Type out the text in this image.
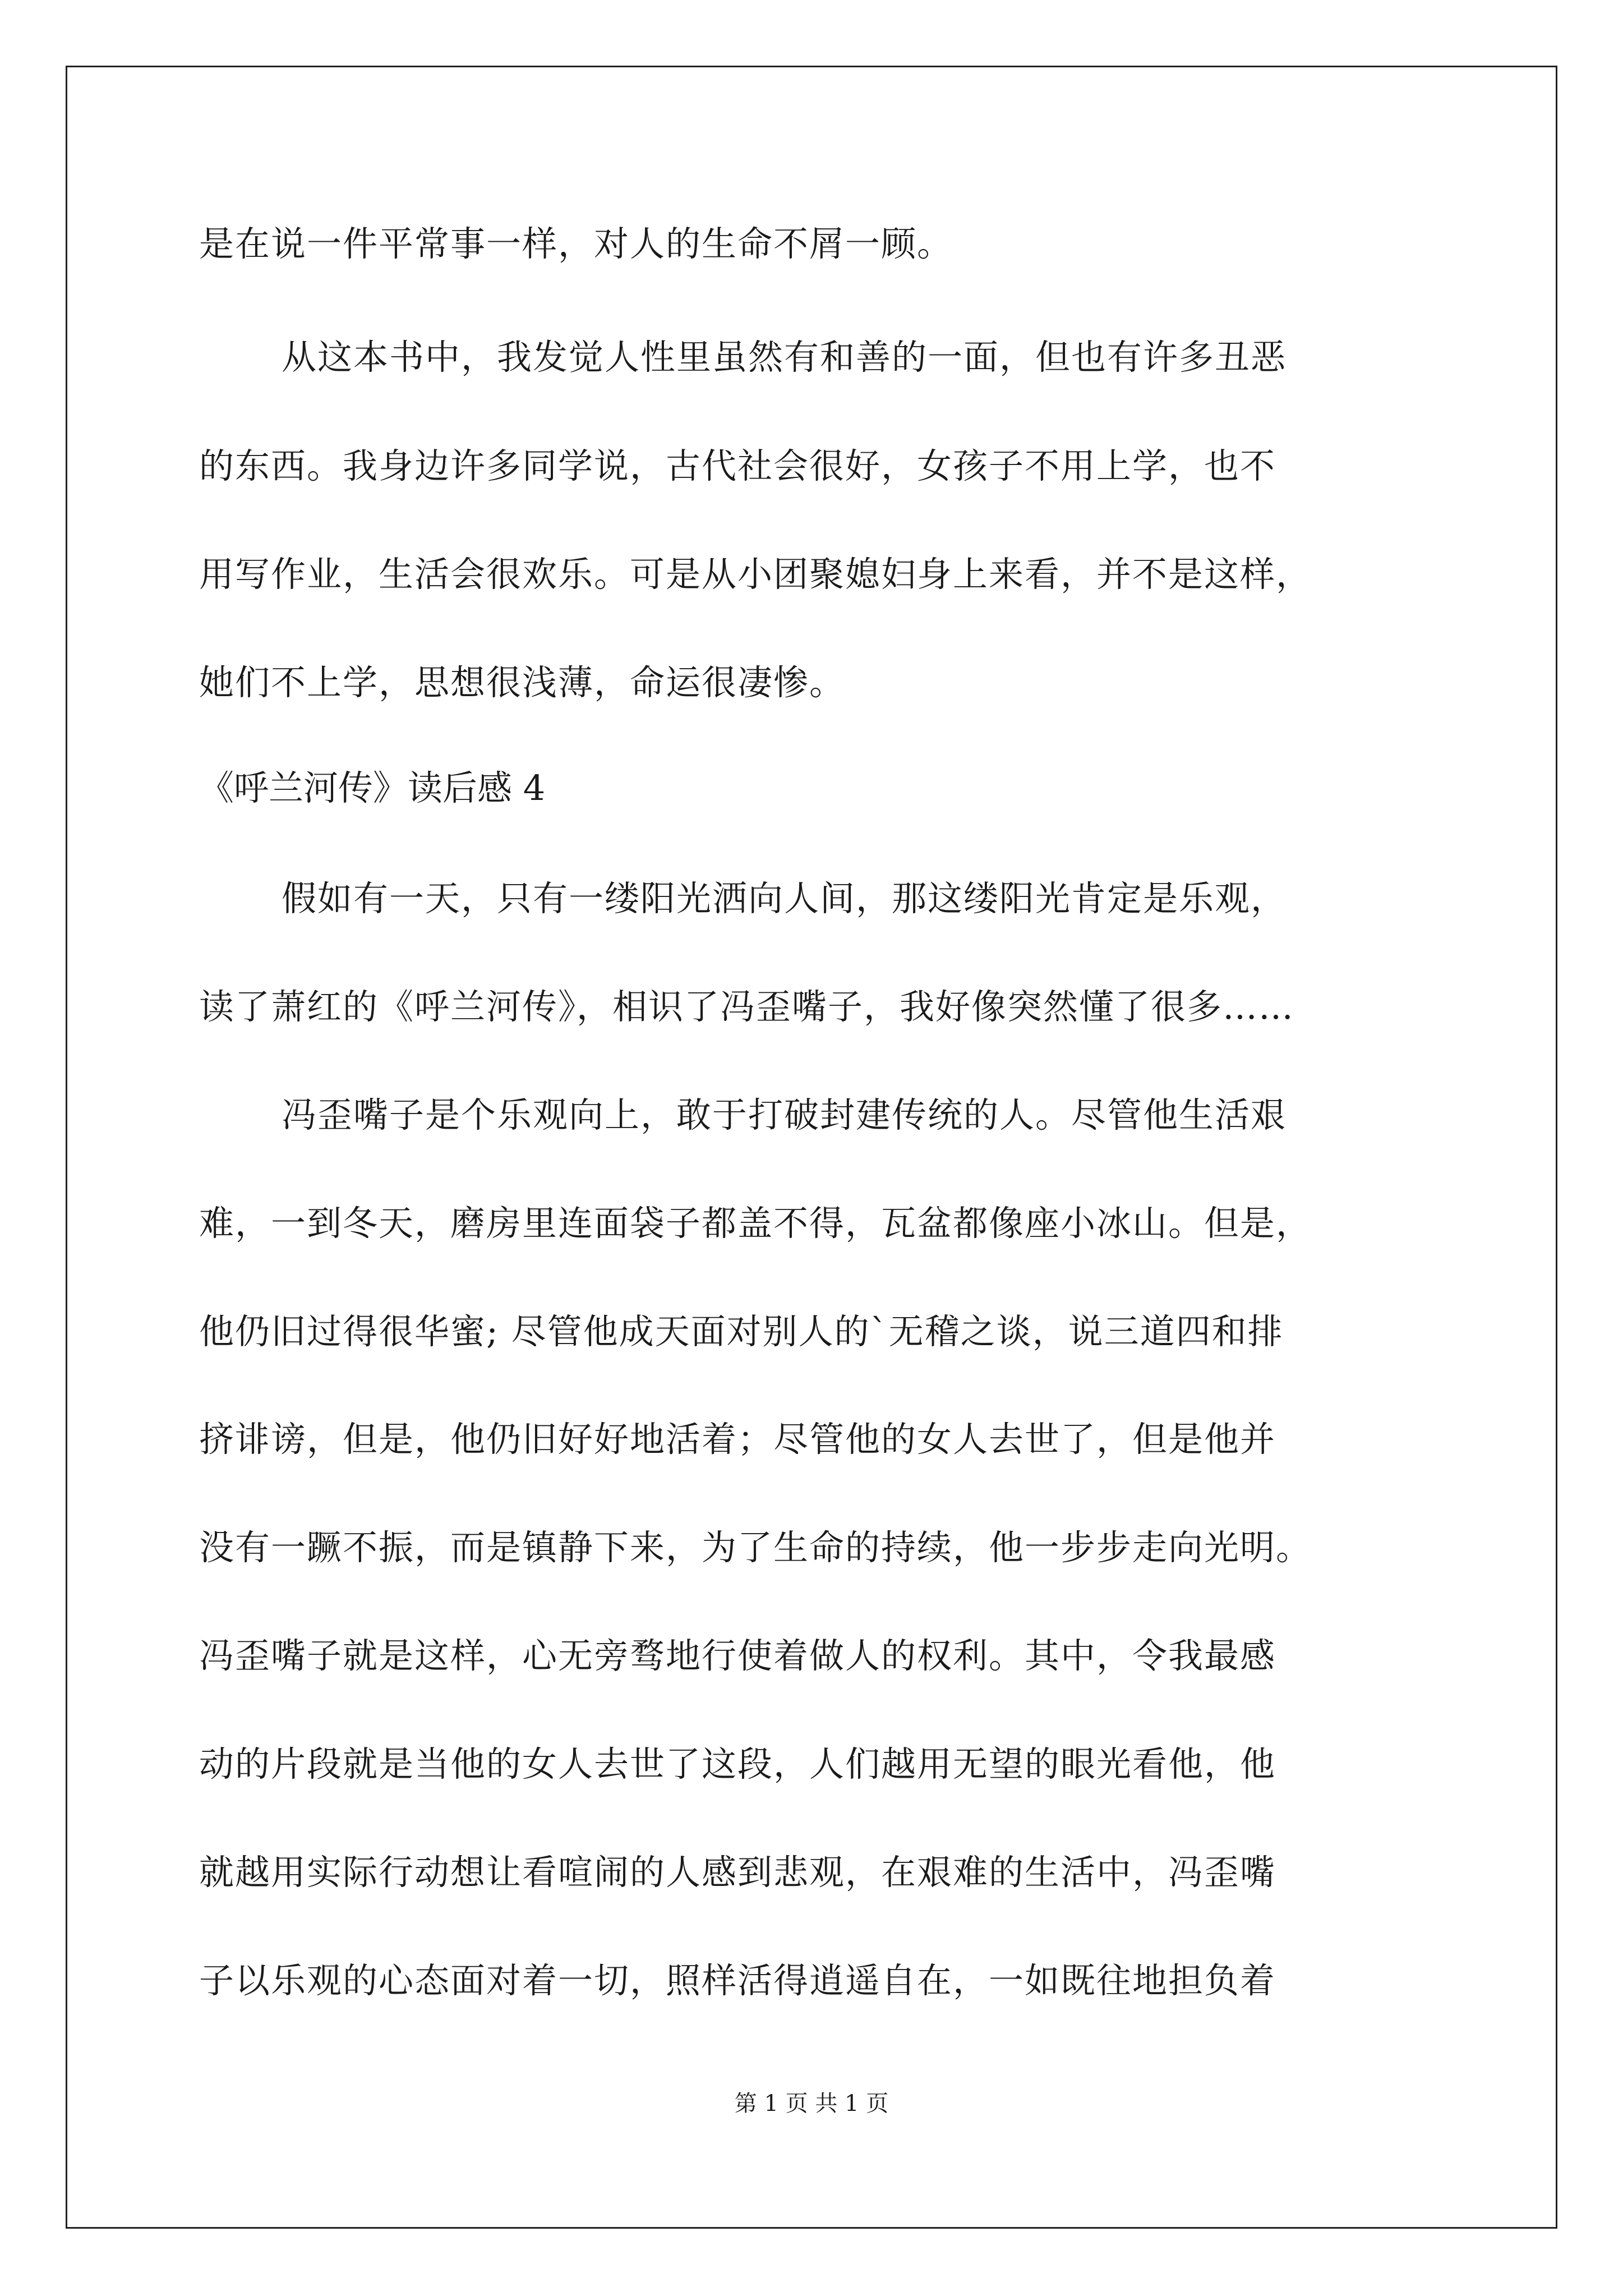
是在说一件平常事一样，对人的生命不屑一顾。
从这本书中，我发觉人性里虽然有和善的一面，但也有许多丑恶
的东西。我身边许多同学说，古代社会很好，女孩子不用上学，也不
用写作业，生活会很欢乐。可是从小团聚媳妇身上来看，并不是这样，
她们不上学，思想很浅薄，命运很凄惨。
《呼兰河传》读后感 4
假如有一天，只有一缕阳光洒向人间，那这缕阳光肯定是乐观，
读了萧红的《呼兰河传》，相识了冯歪嘴子，我好像突然懂了很多……
冯歪嘴子是个乐观向上，敢于打破封建传统的人。尽管他生活艰
难，一到冬天，磨房里连面袋子都盖不得，瓦盆都像座小冰山。但是，
他仍旧过得很华蜜; 尽管他成天面对别人的`无稽之谈，说三道四和排
挤诽谤，但是，他仍旧好好地活着；尽管他的女人去世了，但是他并
没有一蹶不振，而是镇静下来，为了生命的持续，他一步步走向光明。
冯歪嘴子就是这样，心无旁骛地行使着做人的权利。其中，令我最感
动的片段就是当他的女人去世了这段，人们越用无望的眼光看他，他
就越用实际行动想让看喧闹的人感到悲观，在艰难的生活中，冯歪嘴
子以乐观的心态面对着一切，照样活得逍遥自在，一如既往地担负着
第 1 页 共 1 页
